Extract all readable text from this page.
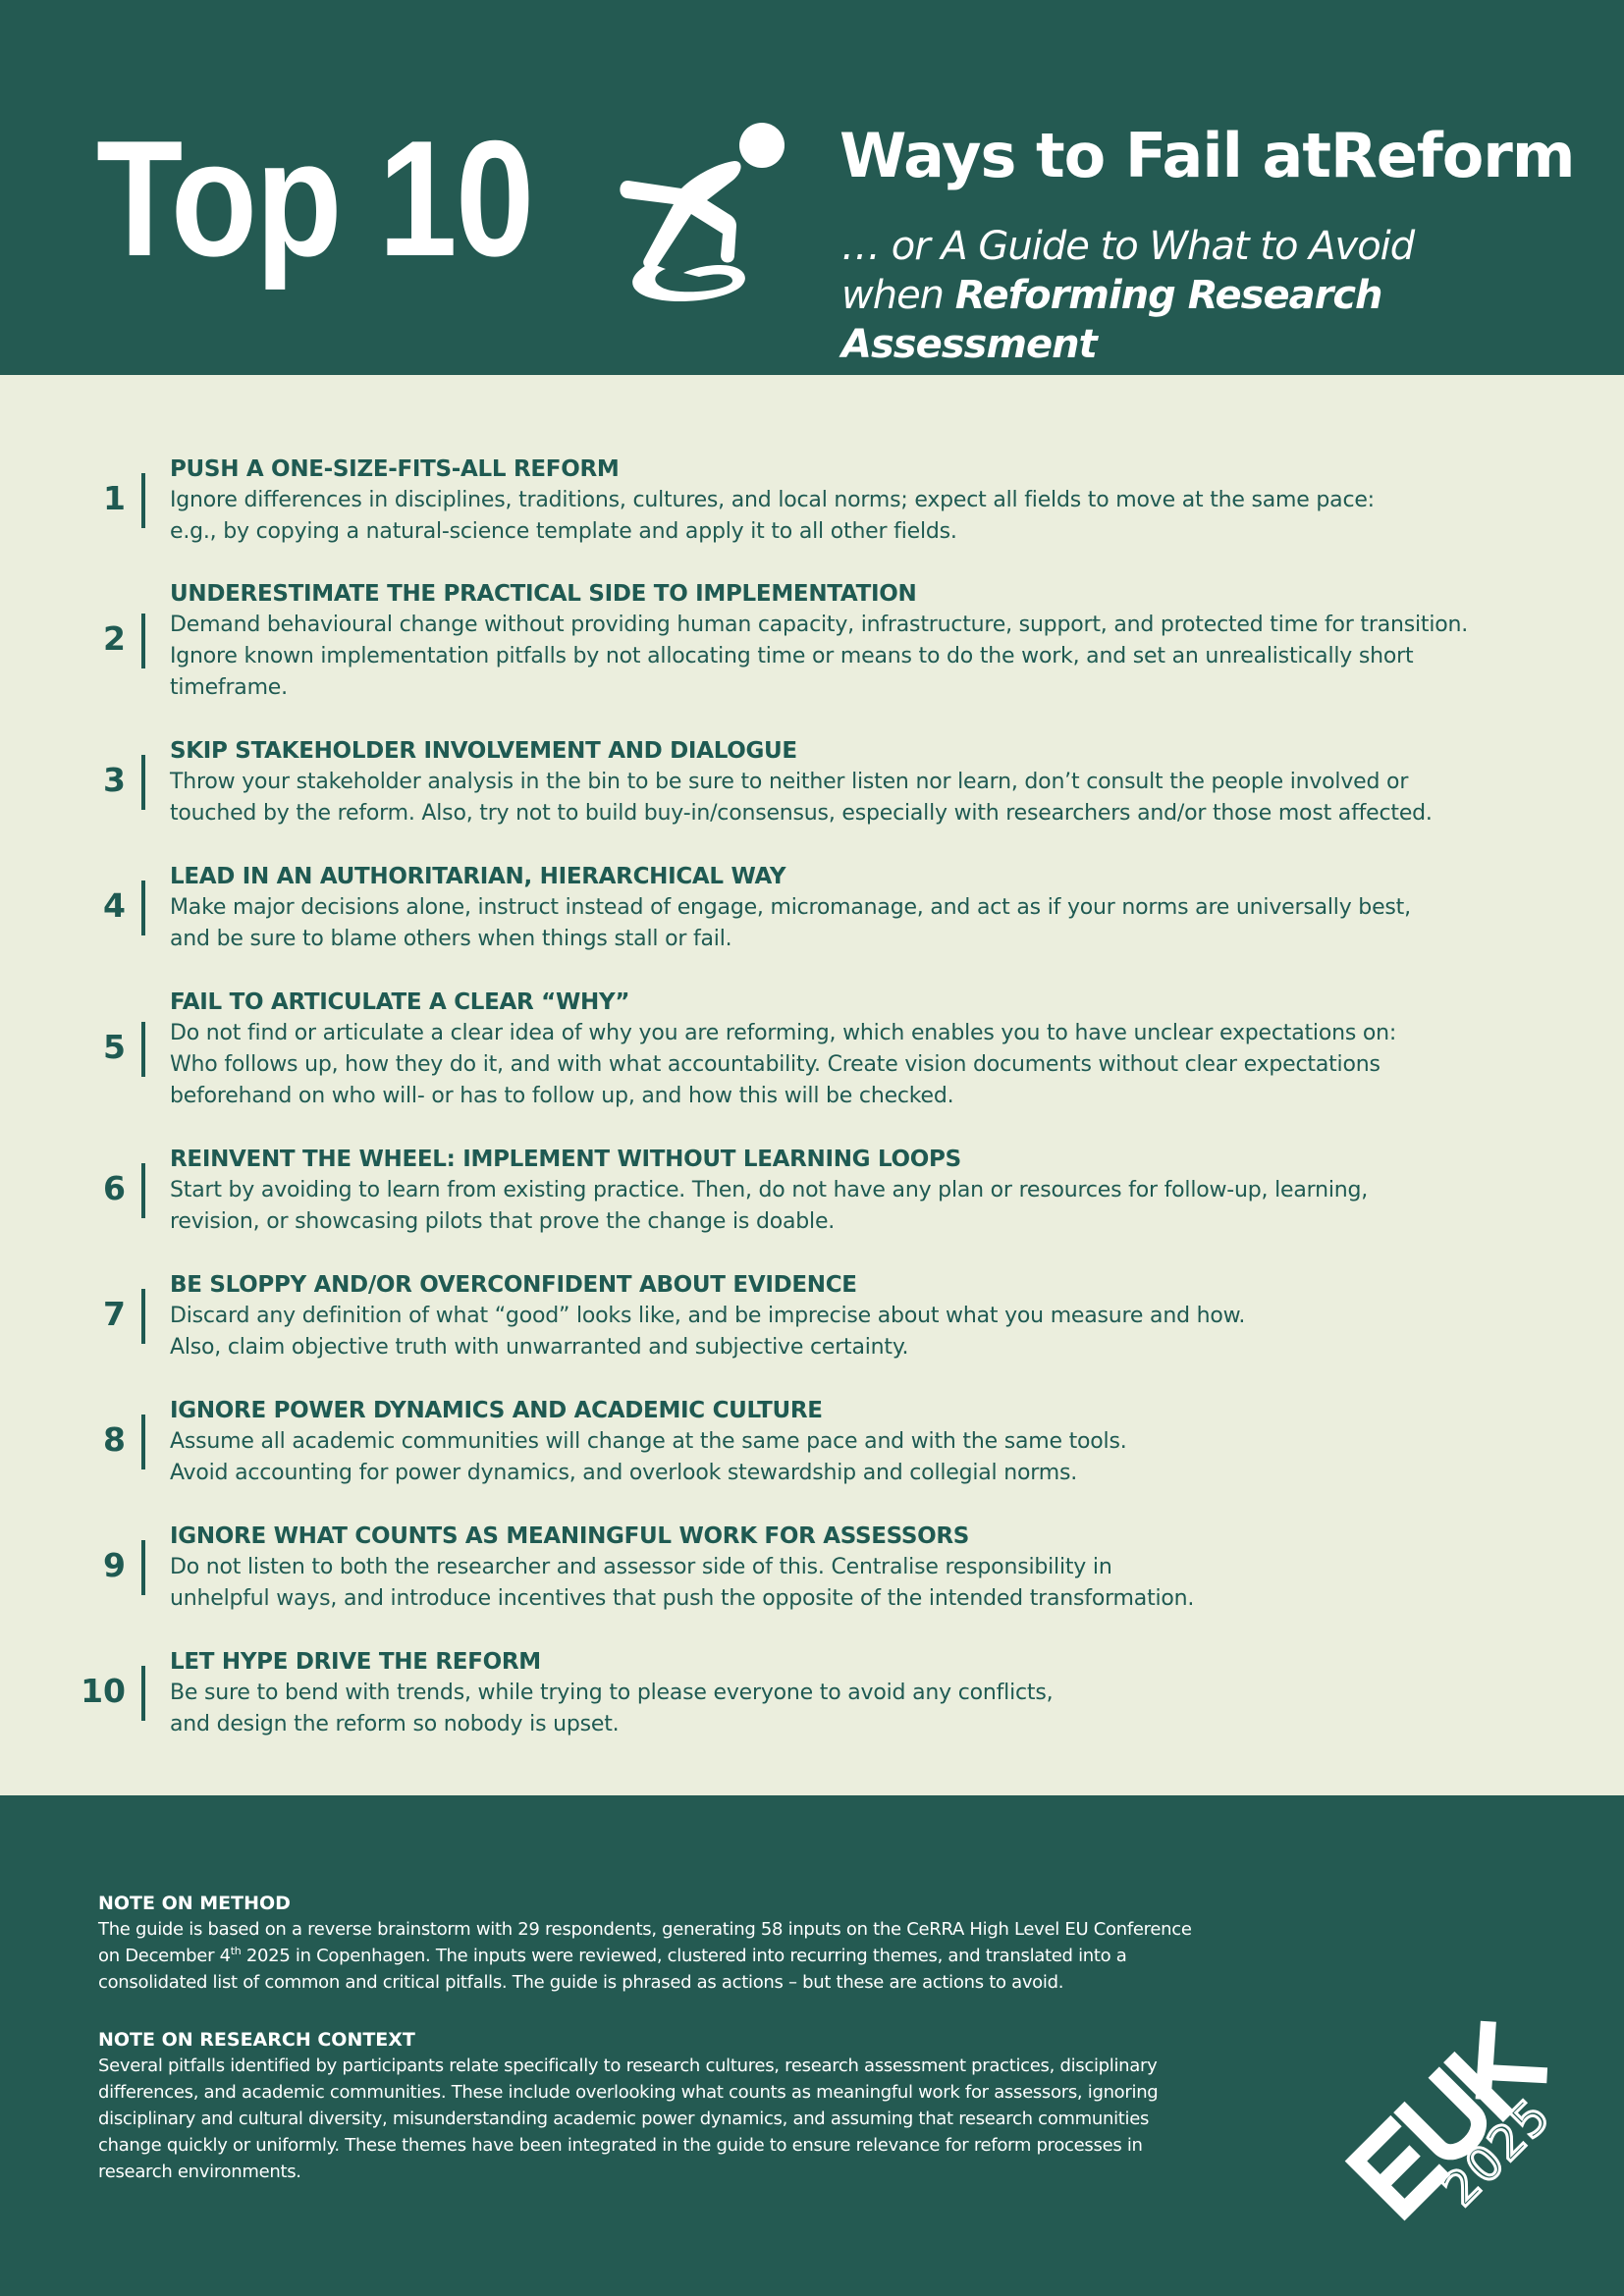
Top 10	Ways to Fail atReform
… or A Guide to What to Avoid
when Reforming Research Assessment
1
PUSH A ONE-SIZE-FITS-ALL REFORM
Ignore differences in disciplines, traditions, cultures, and local norms; expect all fields to move at the same pace:
e.g., by copying a natural-science template and apply it to all other fields.
2
UNDERESTIMATE THE PRACTICAL SIDE TO IMPLEMENTATION
Demand behavioural change without providing human capacity, infrastructure, support, and protected time for transition.
Ignore known implementation pitfalls by not allocating time or means to do the work, and set an unrealistically short
timeframe.
3
SKIP STAKEHOLDER INVOLVEMENT AND DIALOGUE
Throw your stakeholder analysis in the bin to be sure to neither listen nor learn, don’t consult the people involved or
touched by the reform. Also, try not to build buy-in/consensus, especially with researchers and/or those most affected.
4
LEAD IN AN AUTHORITARIAN, HIERARCHICAL WAY
Make major decisions alone, instruct instead of engage, micromanage, and act as if your norms are universally best,
and be sure to blame others when things stall or fail.
5
FAIL TO ARTICULATE A CLEAR “WHY”
Do not find or articulate a clear idea of why you are reforming, which enables you to have unclear expectations on:
Who follows up, how they do it, and with what accountability. Create vision documents without clear expectations
beforehand on who will- or has to follow up, and how this will be checked.
6
REINVENT THE WHEEL: IMPLEMENT WITHOUT LEARNING LOOPS
Start by avoiding to learn from existing practice. Then, do not have any plan or resources for follow-up, learning,
revision, or showcasing pilots that prove the change is doable.
7
BE SLOPPY AND/OR OVERCONFIDENT ABOUT EVIDENCE
Discard any definition of what “good” looks like, and be imprecise about what you measure and how.
Also, claim objective truth with unwarranted and subjective certainty.
8
IGNORE POWER DYNAMICS AND ACADEMIC CULTURE
Assume all academic communities will change at the same pace and with the same tools.
Avoid accounting for power dynamics, and overlook stewardship and collegial norms.
9
IGNORE WHAT COUNTS AS MEANINGFUL WORK FOR ASSESSORS
Do not listen to both the researcher and assessor side of this. Centralise responsibility in
unhelpful ways, and introduce incentives that push the opposite of the intended transformation.
10
LET HYPE DRIVE THE REFORM
Be sure to bend with trends, while trying to please everyone to avoid any conflicts,
and design the reform so nobody is upset.
NOTE ON METHOD
The guide is based on a reverse brainstorm with 29 respondents, generating 58 inputs on the CeRRA High Level EU Conference
on December 4th 2025 in Copenhagen. The inputs were reviewed, clustered into recurring themes, and translated into a
consolidated list of common and critical pitfalls. The guide is phrased as actions – but these are actions to avoid.
NOTE ON RESEARCH CONTEXT
Several pitfalls identified by participants relate specifically to research cultures, research assessment practices, disciplinary
differences, and academic communities. These include overlooking what counts as meaningful work for assessors, ignoring
disciplinary and cultural diversity, misunderstanding academic power dynamics, and assuming that research communities
change quickly or uniformly. These themes have been integrated in the guide to ensure relevance for reform processes in
research environments.	2025
